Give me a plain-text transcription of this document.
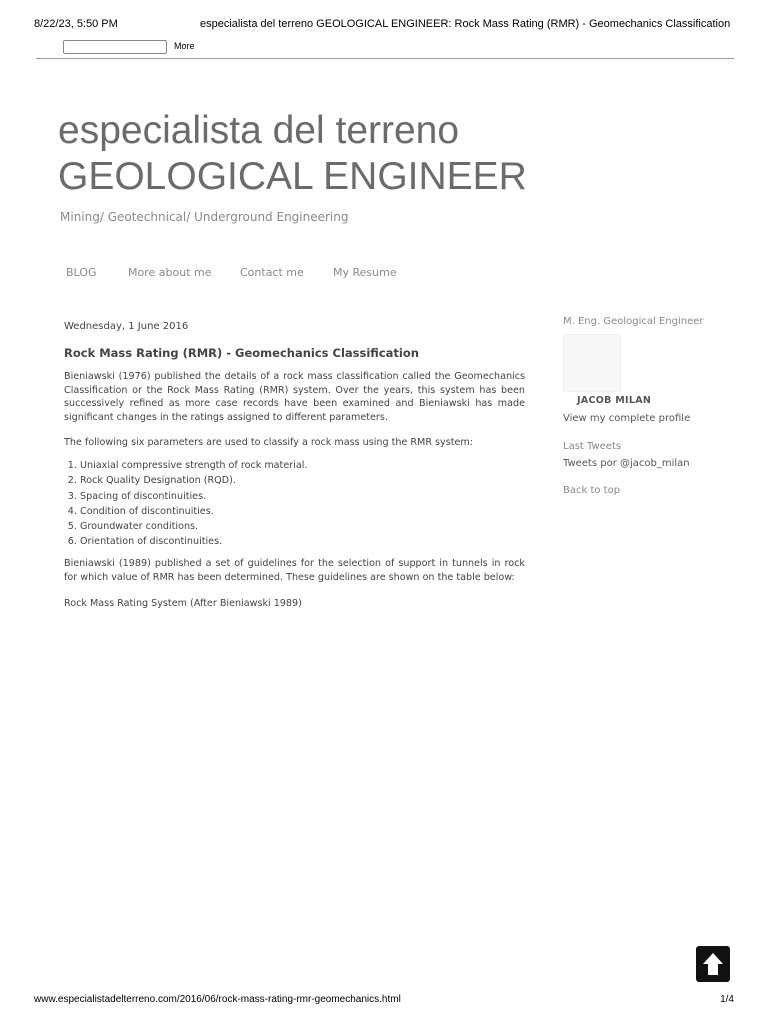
8/22/23, 5:50 PM	especialista del terreno GEOLOGICAL ENGINEER: Rock Mass Rating (RMR) - Geomechanics Classification
More
especialista del terreno
GEOLOGICAL ENGINEER
Mining/ Geotechnical/ Underground Engineering
BLOG	More about me	Contact me	My Resume
Wednesday, 1 June 2016
Rock Mass Rating (RMR) - Geomechanics Classification
Bieniawski (1976) published the details of a rock mass classification called the Geomechanics Classification or the Rock Mass Rating (RMR) system. Over the years, this system has been successively refined as more case records have been examined and Bieniawski has made significant changes in the ratings assigned to different parameters.
The following six parameters are used to classify a rock mass using the RMR system:
1. Uniaxial compressive strength of rock material.
2. Rock Quality Designation (RQD).
3. Spacing of discontinuities.
4. Condition of discontinuities.
5. Groundwater conditions.
6. Orientation of discontinuities.
Bieniawski (1989) published a set of guidelines for the selection of support in tunnels in rock for which value of RMR has been determined. These guidelines are shown on the table below:
Rock Mass Rating System (After Bieniawski 1989)
M. Eng. Geological Engineer
JACOB MILAN
View my complete profile
Last Tweets
Tweets por @jacob_milan
Back to top
www.especialistadelterreno.com/2016/06/rock-mass-rating-rmr-geomechanics.html	1/4
